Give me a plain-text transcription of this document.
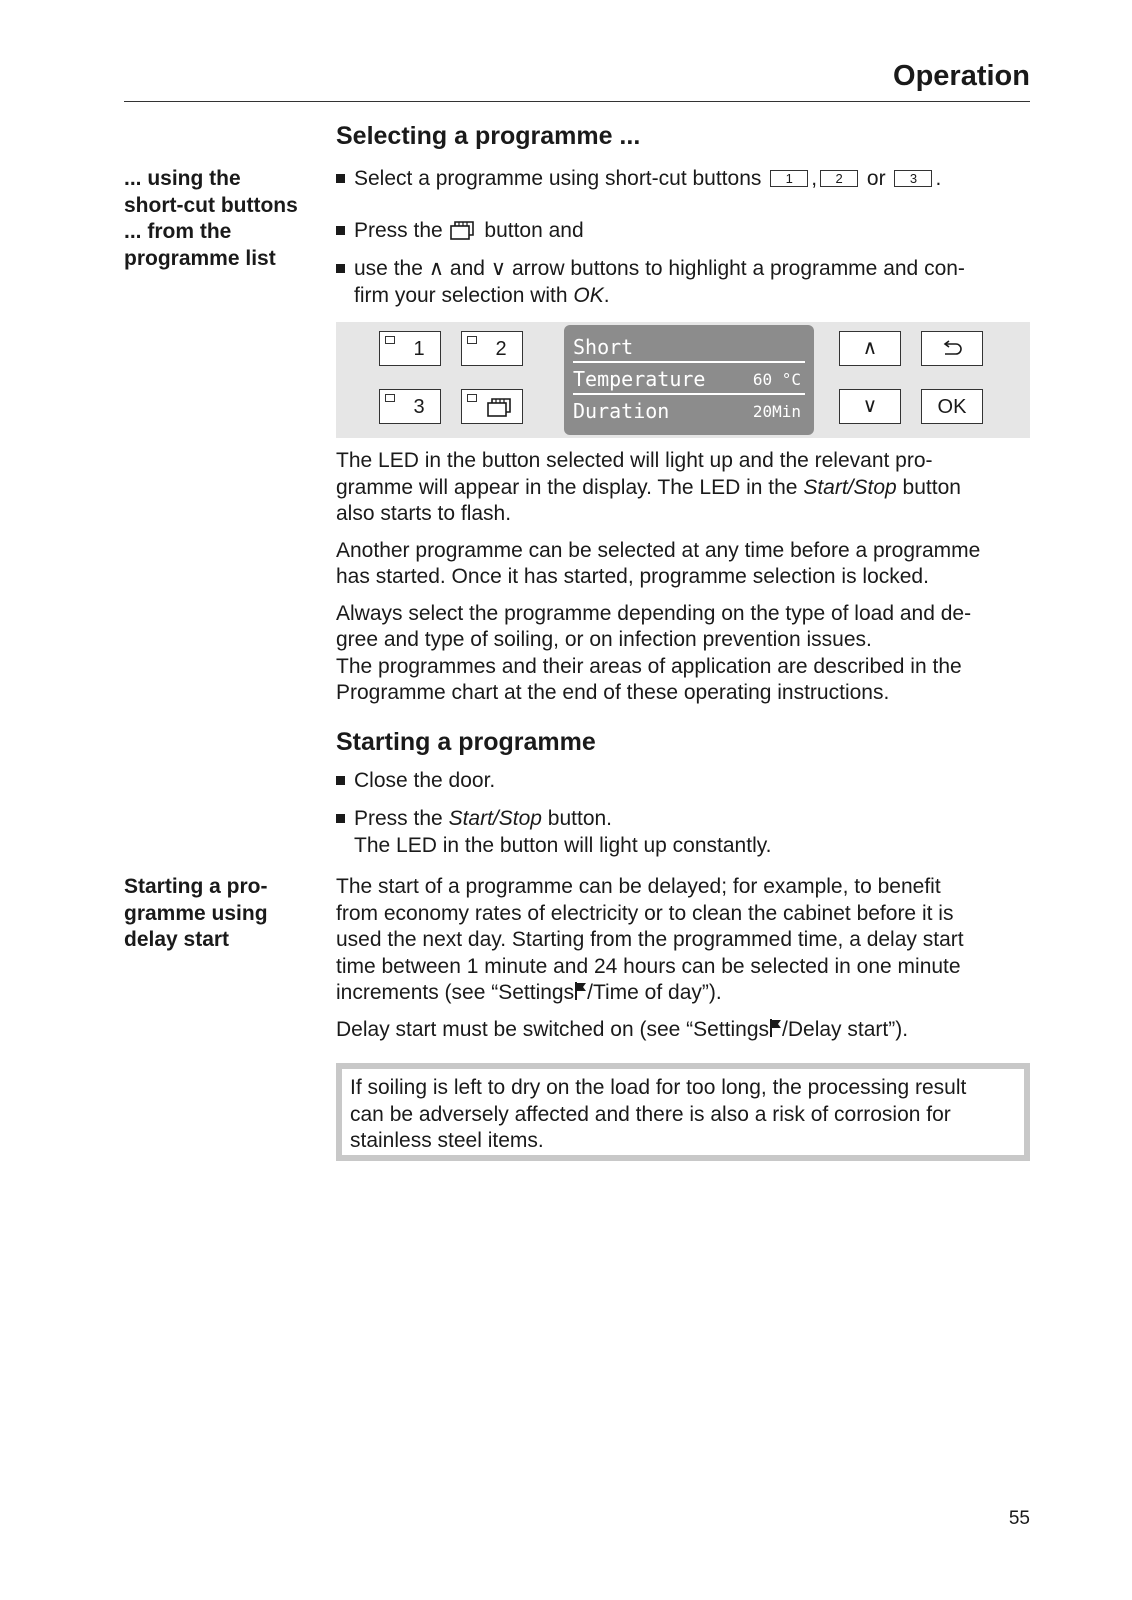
Operation
Selecting a programme ...
... using the
short-cut buttons
... from the
programme list
Select a programme using short-cut buttons 1 , 2 or 3 .
Press the button and
use the ∧ and ∨ arrow buttons to highlight a programme and con-
firm your selection with OK.
1	2
3
Short
Temperature	60 °C
Duration	20Min
∧
∨	OK

The LED in the button selected will light up and the relevant pro-
gramme will appear in the display. The LED in the Start/Stop button
also starts to flash.

Another programme can be selected at any time before a programme
has started. Once it has started, programme selection is locked.

Always select the programme depending on the type of load and de-
gree and type of soiling, or on infection prevention issues.
The programmes and their areas of application are described in the
Programme chart at the end of these operating instructions.

Starting a programme
Close the door.
Press the Start/Stop button.
The LED in the button will light up constantly.
Starting a pro-
gramme using
delay start

The start of a programme can be delayed; for example, to benefit
from economy rates of electricity or to clean the cabinet before it is
used the next day. Starting from the programmed time, a delay start
time between 1 minute and 24 hours can be selected in one minute
increments (see “Settings /Time of day”).

Delay start must be switched on (see “Settings /Delay start”).

If soiling is left to dry on the load for too long, the processing result
can be adversely affected and there is also a risk of corrosion for
stainless steel items.
55
